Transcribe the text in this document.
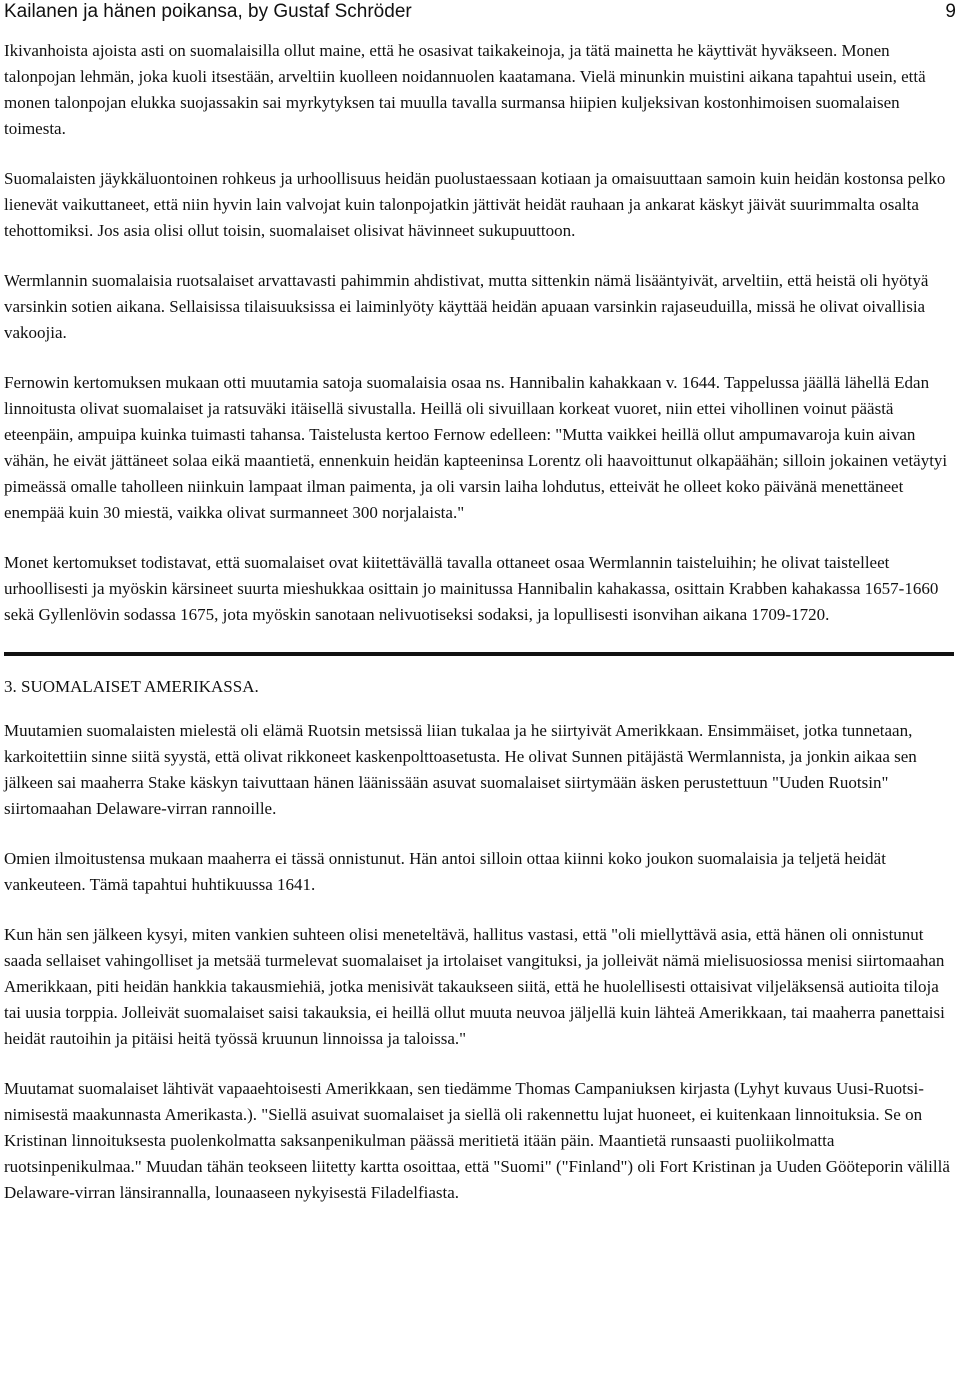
Kailanen ja hänen poikansa, by Gustaf Schröder	9

Ikivanhoista ajoista asti on suomalaisilla ollut maine, että he osasivat taikakeinoja, ja tätä mainetta he käyttivät hyväkseen. Monen talonpojan lehmän, joka kuoli itsestään, arveltiin kuolleen noidannuolen kaatamana. Vielä minunkin muistini aikana tapahtui usein, että monen talonpojan elukka suojassakin sai myrkytyksen tai muulla tavalla surmansa hiipien kuljeksivan kostonhimoisen suomalaisen toimesta.

Suomalaisten jäykkäluontoinen rohkeus ja urhoollisuus heidän puolustaessaan kotiaan ja omaisuuttaan samoin kuin heidän kostonsa pelko lienevät vaikuttaneet, että niin hyvin lain valvojat kuin talonpojatkin jättivät heidät rauhaan ja ankarat käskyt jäivät suurimmalta osalta tehottomiksi. Jos asia olisi ollut toisin, suomalaiset olisivat hävinneet sukupuuttoon.

Wermlannin suomalaisia ruotsalaiset arvattavasti pahimmin ahdistivat, mutta sittenkin nämä lisääntyivät, arveltiin, että heistä oli hyötyä varsinkin sotien aikana. Sellaisissa tilaisuuksissa ei laiminlyöty käyttää heidän apuaan varsinkin rajaseuduilla, missä he olivat oivallisia vakoojia.

Fernowin kertomuksen mukaan otti muutamia satoja suomalaisia osaa ns. Hannibalin kahakkaan v. 1644. Tappelussa jäällä lähellä Edan linnoitusta olivat suomalaiset ja ratsuväki itäisellä sivustalla. Heillä oli sivuillaan korkeat vuoret, niin ettei vihollinen voinut päästä eteenpäin, ampuipa kuinka tuimasti tahansa. Taistelusta kertoo Fernow edelleen: "Mutta vaikkei heillä ollut ampumavaroja kuin aivan vähän, he eivät jättäneet solaa eikä maantietä, ennenkuin heidän kapteeninsa Lorentz oli haavoittunut olkapäähän; silloin jokainen vetäytyi pimeässä omalle taholleen niinkuin lampaat ilman paimenta, ja oli varsin laiha lohdutus, etteivät he olleet koko päivänä menettäneet enempää kuin 30 miestä, vaikka olivat surmanneet 300 norjalaista."

Monet kertomukset todistavat, että suomalaiset ovat kiitettävällä tavalla ottaneet osaa Wermlannin taisteluihin; he olivat taistelleet urhoollisesti ja myöskin kärsineet suurta mieshukkaa osittain jo mainitussa Hannibalin kahakassa, osittain Krabben kahakassa 1657-1660 sekä Gyllenlövin sodassa 1675, jota myöskin sanotaan nelivuotiseksi sodaksi, ja lopullisesti isonvihan aikana 1709-1720.

3. SUOMALAISET AMERIKASSA.

Muutamien suomalaisten mielestä oli elämä Ruotsin metsissä liian tukalaa ja he siirtyivät Amerikkaan. Ensimmäiset, jotka tunnetaan, karkoitettiin sinne siitä syystä, että olivat rikkoneet kaskenpolttoasetusta. He olivat Sunnen pitäjästä Wermlannista, ja jonkin aikaa sen jälkeen sai maaherra Stake käskyn taivuttaan hänen läänissään asuvat suomalaiset siirtymään äsken perustettuun "Uuden Ruotsin" siirtomaahan Delaware-virran rannoille.

Omien ilmoitustensa mukaan maaherra ei tässä onnistunut. Hän antoi silloin ottaa kiinni koko joukon suomalaisia ja teljetä heidät vankeuteen. Tämä tapahtui huhtikuussa 1641.

Kun hän sen jälkeen kysyi, miten vankien suhteen olisi meneteltävä, hallitus vastasi, että "oli miellyttävä asia, että hänen oli onnistunut saada sellaiset vahingolliset ja metsää turmelevat suomalaiset ja irtolaiset vangituksi, ja jolleivät nämä mielisuosiossa menisi siirtomaahan Amerikkaan, piti heidän hankkia takausmiehiä, jotka menisivät takaukseen siitä, että he huolellisesti ottaisivat viljeläksensä autioita tiloja tai uusia torppia. Jolleivät suomalaiset saisi takauksia, ei heillä ollut muuta neuvoa jäljellä kuin lähteä Amerikkaan, tai maaherra panettaisi heidät rautoihin ja pitäisi heitä työssä kruunun linnoissa ja taloissa."

Muutamat suomalaiset lähtivät vapaaehtoisesti Amerikkaan, sen tiedämme Thomas Campaniuksen kirjasta (Lyhyt kuvaus Uusi-Ruotsi-nimisestä maakunnasta Amerikasta.). "Siellä asuivat suomalaiset ja siellä oli rakennettu lujat huoneet, ei kuitenkaan linnoituksia. Se on Kristinan linnoituksesta puolenkolmatta saksanpenikulman päässä meritietä itään päin. Maantietä runsaasti puoliikolmatta ruotsinpenikulmaa." Muudan tähän teokseen liitetty kartta osoittaa, että "Suomi" ("Finland") oli Fort Kristinan ja Uuden Gööteporin välillä Delaware-virran länsirannalla, lounaaseen nykyisestä Filadelfiasta.
